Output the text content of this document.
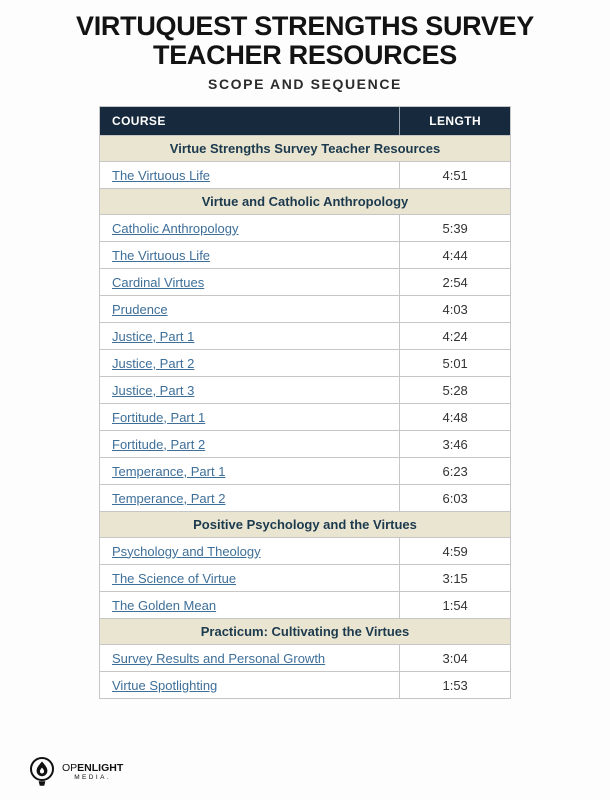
VIRTUQUEST STRENGTHS SURVEY
TEACHER RESOURCES
SCOPE AND SEQUENCE
COURSE	LENGTH
Virtue Strengths Survey Teacher Resources
The Virtuous Life	4:51
Virtue and Catholic Anthropology
Catholic Anthropology	5:39
The Virtuous Life	4:44
Cardinal Virtues	2:54
Prudence	4:03
Justice, Part 1	4:24
Justice, Part 2	5:01
Justice, Part 3	5:28
Fortitude, Part 1	4:48
Fortitude, Part 2	3:46
Temperance, Part 1	6:23
Temperance, Part 2	6:03
Positive Psychology and the Virtues
Psychology and Theology	4:59
The Science of Virtue	3:15
The Golden Mean	1:54
Practicum: Cultivating the Virtues
Survey Results and Personal Growth	3:04
Virtue Spotlighting	1:53
OPENLIGHT
MEDIA.
